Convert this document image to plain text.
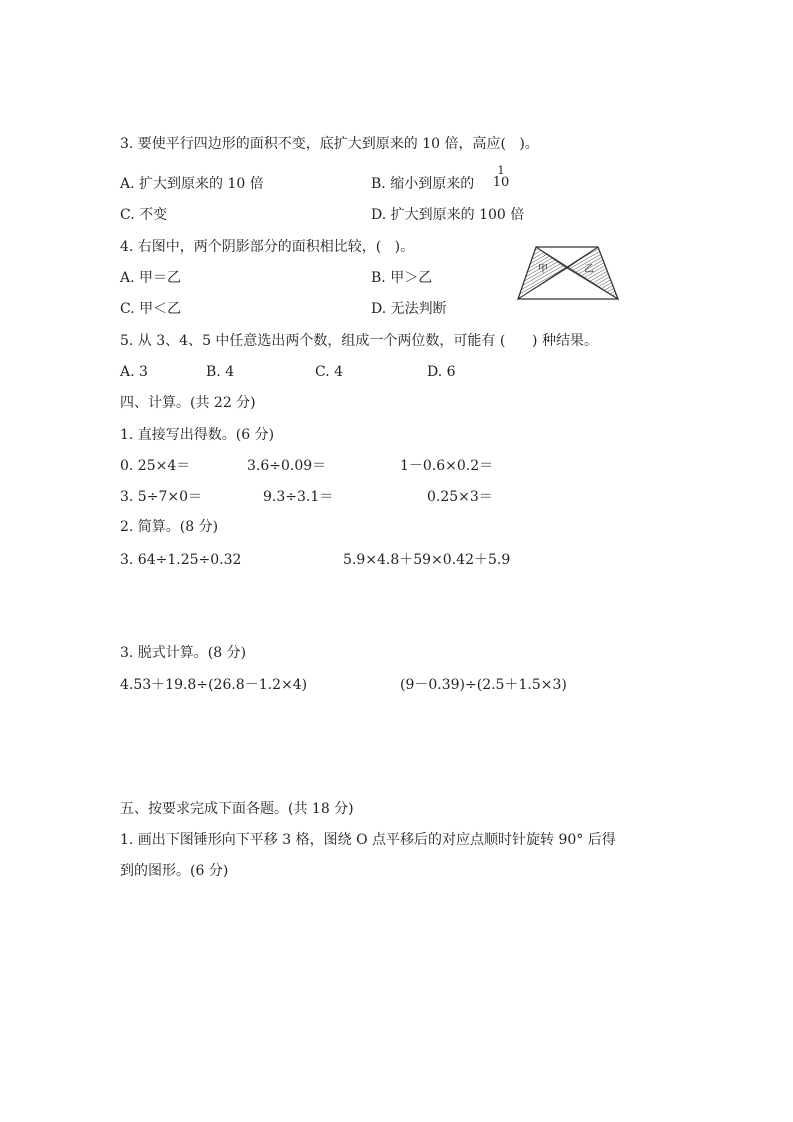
3. 要使平行四边形的面积不变，底扩大到原来的 10 倍，高应(   )。
A. 扩大到原来的 10 倍	B. 缩小到原来的
1
10
C. 不变	D. 扩大到原来的 100 倍
4. 右图中，两个阴影部分的面积相比较，(   )。
A. 甲＝乙	B. 甲＞乙
C. 甲＜乙	D. 无法判断
甲	乙
5. 从 3、4、5 中任意选出两个数，组成一个两位数，可能有 (      ) 种结果。
A. 3	B. 4	C. 4	D. 6
四、计算。(共 22 分)
1. 直接写出得数。(6 分)
0. 25×4＝	3.6÷0.09＝	1－0.6×0.2＝
3. 5÷7×0＝	9.3÷3.1＝	0.25×3＝
2. 简算。(8 分)
3. 64÷1.25÷0.32	5.9×4.8＋59×0.42＋5.9
3. 脱式计算。(8 分)
4.53＋19.8÷(26.8－1.2×4)	(9－0.39)÷(2.5＋1.5×3)
五、按要求完成下面各题。(共 18 分)
1. 画出下图锤形向下平移 3 格，图绕 O 点平移后的对应点顺时针旋转 90° 后得
到的图形。(6 分)
